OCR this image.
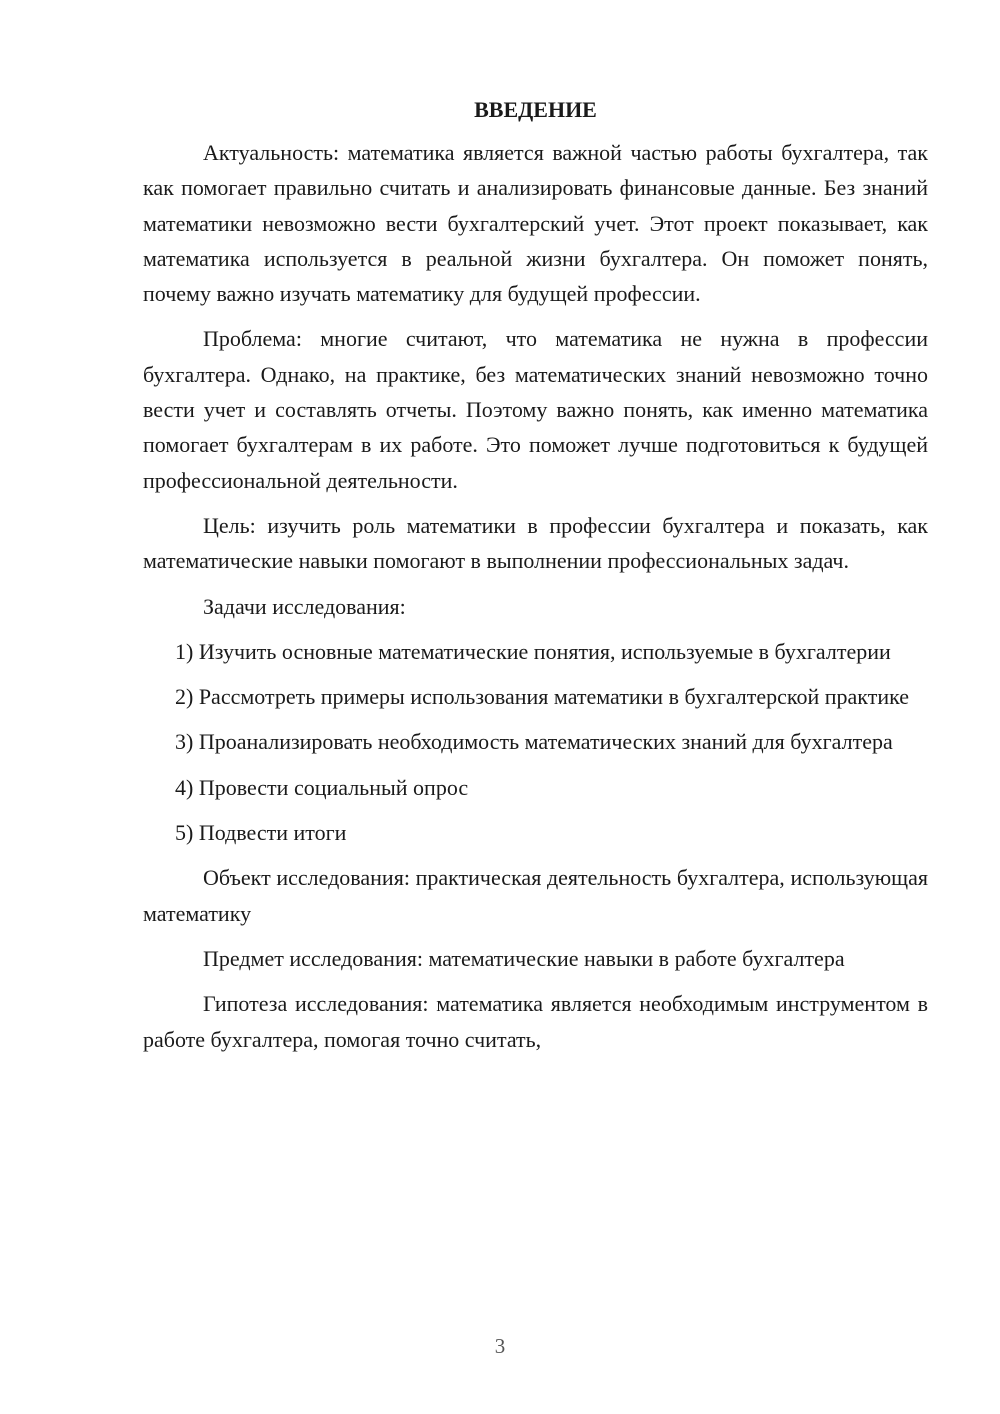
ВВЕДЕНИЕ

Актуальность: математика является важной частью работы бухгалтера, так как помогает правильно считать и анализировать финансовые данные. Без знаний математики невозможно вести бухгалтерский учет. Этот проект показывает, как математика используется в реальной жизни бухгалтера. Он поможет понять, почему важно изучать математику для будущей профессии.

Проблема: многие считают, что математика не нужна в профессии бухгалтера. Однако, на практике, без математических знаний невозможно точно вести учет и составлять отчеты. Поэтому важно понять, как именно математика помогает бухгалтерам в их работе. Это поможет лучше подготовиться к будущей профессиональной деятельности.

Цель: изучить роль математики в профессии бухгалтера и показать, как математические навыки помогают в выполнении профессиональных задач.

Задачи исследования:

1) Изучить основные математические понятия, используемые в бухгалтерии

2) Рассмотреть примеры использования математики в бухгалтерской практике

3) Проанализировать необходимость математических знаний для бухгалтера

4) Провести социальный опрос

5) Подвести итоги

Объект исследования: практическая деятельность бухгалтера, использующая математику

Предмет исследования: математические навыки в работе бухгалтера

Гипотеза исследования: математика является необходимым инструментом в работе бухгалтера, помогая точно считать,

3
